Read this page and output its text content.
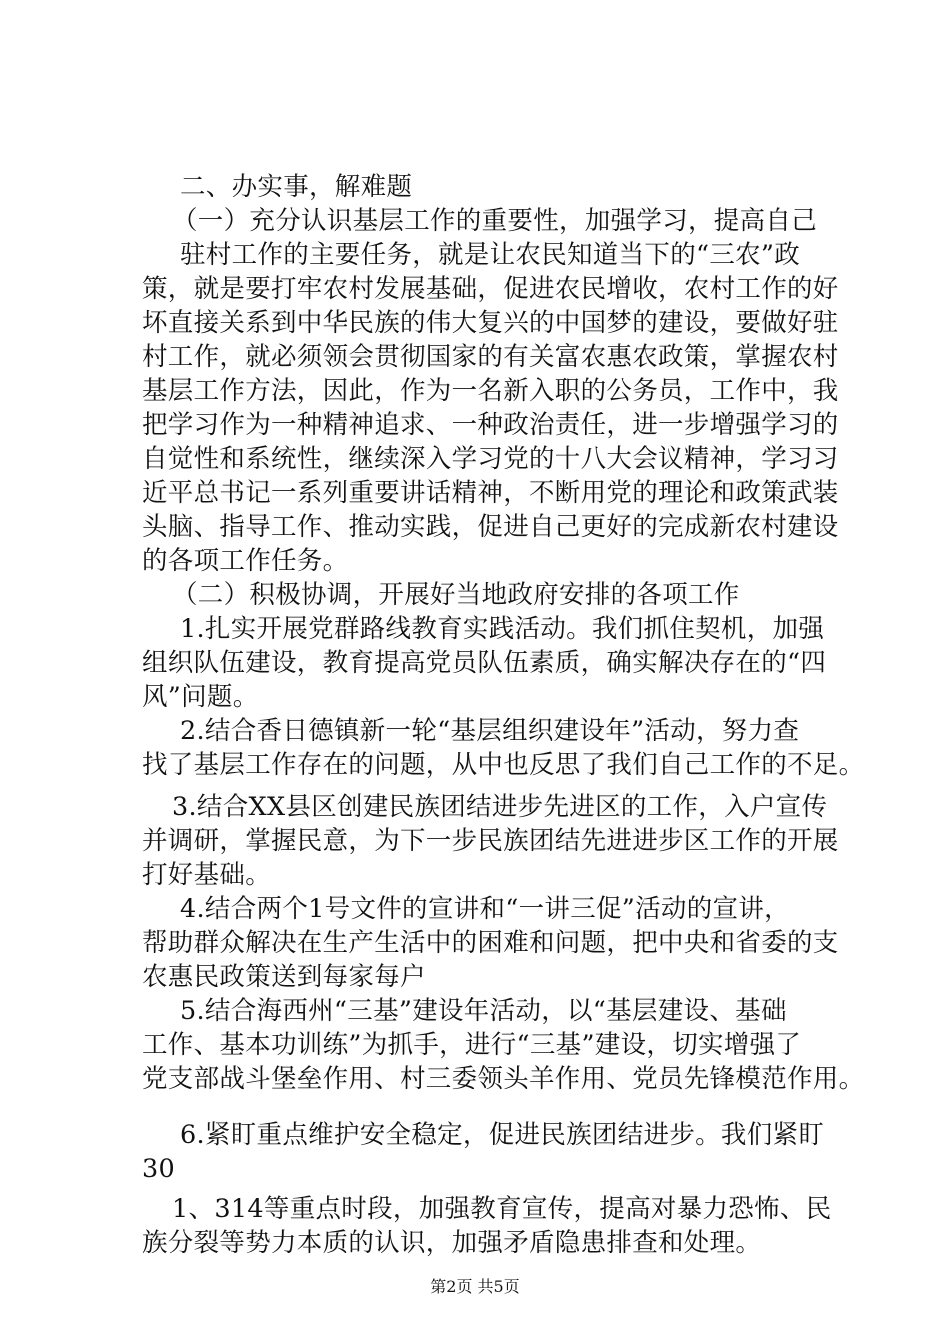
二、办实事，解难题
（一）充分认识基层工作的重要性，加强学习，提高自己
驻村工作的主要任务，就是让农民知道当下的“三农”政
策，就是要打牢农村发展基础，促进农民增收，农村工作的好
坏直接关系到中华民族的伟大复兴的中国梦的建设，要做好驻
村工作，就必须领会贯彻国家的有关富农惠农政策，掌握农村
基层工作方法，因此，作为一名新入职的公务员，工作中，我
把学习作为一种精神追求、一种政治责任，进一步增强学习的
自觉性和系统性，继续深入学习党的十八大会议精神，学习习
近平总书记一系列重要讲话精神，不断用党的理论和政策武装
头脑、指导工作、推动实践，促进自己更好的完成新农村建设
的各项工作任务。
（二）积极协调，开展好当地政府安排的各项工作
1.扎实开展党群路线教育实践活动。我们抓住契机，加强
组织队伍建设，教育提高党员队伍素质，确实解决存在的“四
风”问题。
2.结合香日德镇新一轮“基层组织建设年”活动，努力查
找了基层工作存在的问题，从中也反思了我们自己工作的不足。
3.结合XX县区创建民族团结进步先进区的工作，入户宣传
并调研，掌握民意，为下一步民族团结先进进步区工作的开展
打好基础。
4.结合两个1号文件的宣讲和“一讲三促”活动的宣讲，
帮助群众解决在生产生活中的困难和问题，把中央和省委的支
农惠民政策送到每家每户
5.结合海西州“三基”建设年活动，以“基层建设、基础
工作、基本功训练”为抓手，进行“三基”建设，切实增强了
党支部战斗堡垒作用、村三委领头羊作用、党员先锋模范作用。
6.紧盯重点维护安全稳定，促进民族团结进步。我们紧盯
30
1、314等重点时段，加强教育宣传，提高对暴力恐怖、民
族分裂等势力本质的认识，加强矛盾隐患排查和处理。
第2页 共5页
